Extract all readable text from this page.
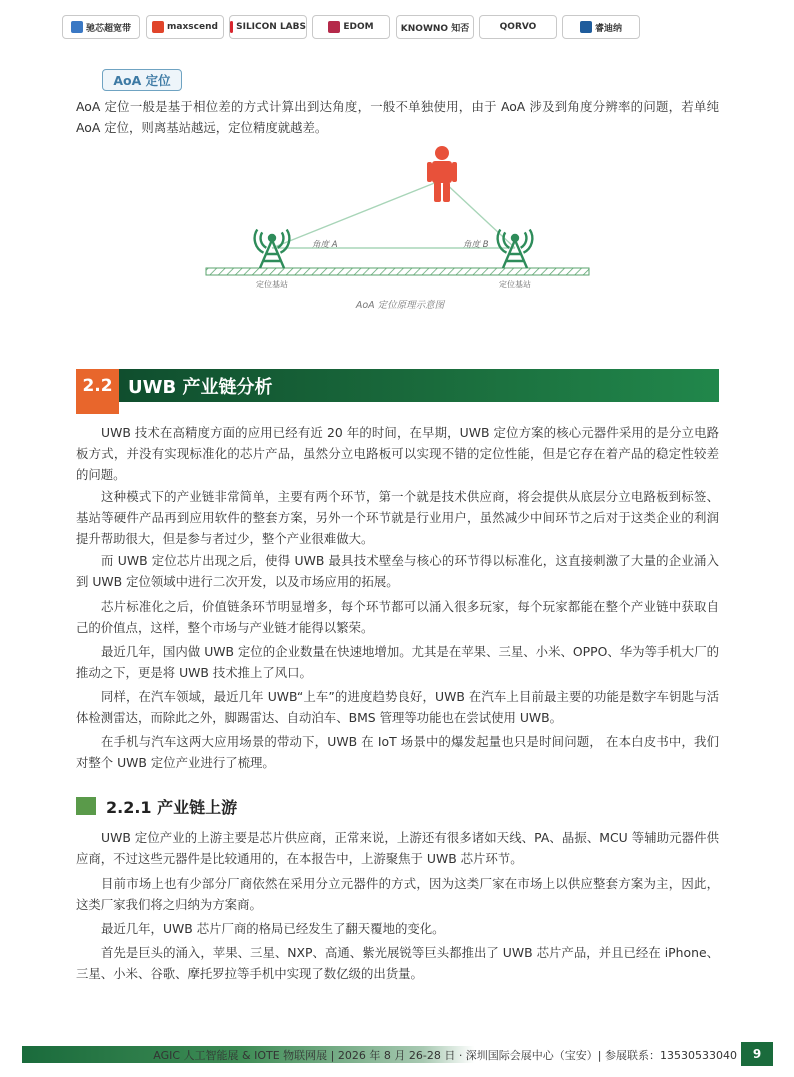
驰芯超宽带	maxscend SILICON LABS	EDOM	KNOWNO 知否	QORVO	睿迪纳
AoA 定位

AoA 定位一般是基于相位差的方式计算出到达角度，一般不单独使用，由于 AoA 涉及到角度分辨率的问题，若单纯 AoA 定位，则离基站越远，定位精度就越差。

角度 A	角度 B
定位基站	定位基站
AoA 定位原理示意图
2.2 UWB 产业链分析

UWB 技术在高精度方面的应用已经有近 20 年的时间，在早期，UWB 定位方案的核心元器件采用的是分立电路板方式，并没有实现标准化的芯片产品，虽然分立电路板可以实现不错的定位性能，但是它存在着产品的稳定性较差的问题。

这种模式下的产业链非常简单，主要有两个环节，第一个就是技术供应商，将会提供从底层分立电路板到标签、基站等硬件产品再到应用软件的整套方案，另外一个环节就是行业用户，虽然减少中间环节之后对于这类企业的利润提升帮助很大，但是参与者过少，整个产业很难做大。

而 UWB 定位芯片出现之后，使得 UWB 最具技术壁垒与核心的环节得以标准化，这直接刺激了大量的企业涌入到 UWB 定位领域中进行二次开发，以及市场应用的拓展。

芯片标准化之后，价值链条环节明显增多，每个环节都可以涌入很多玩家，每个玩家都能在整个产业链中获取自己的价值点，这样，整个市场与产业链才能得以繁荣。

最近几年，国内做 UWB 定位的企业数量在快速地增加。尤其是在苹果、三星、小米、OPPO、华为等手机大厂的推动之下，更是将 UWB 技术推上了风口。

同样，在汽车领域，最近几年 UWB“上车”的进度趋势良好，UWB 在汽车上目前最主要的功能是数字车钥匙与活体检测雷达，而除此之外，脚踢雷达、自动泊车、BMS 管理等功能也在尝试使用 UWB。

在手机与汽车这两大应用场景的带动下，UWB 在 IoT 场景中的爆发起量也只是时间问题， 在本白皮书中，我们对整个 UWB 定位产业进行了梳理。

2.2.1 产业链上游

UWB 定位产业的上游主要是芯片供应商，正常来说，上游还有很多诸如天线、PA、晶振、MCU 等辅助元器件供应商，不过这些元器件是比较通用的，在本报告中，上游聚焦于 UWB 芯片环节。

目前市场上也有少部分厂商依然在采用分立元器件的方式，因为这类厂家在市场上以供应整套方案为主，因此，这类厂家我们将之归纳为方案商。

最近几年，UWB 芯片厂商的格局已经发生了翻天覆地的变化。

首先是巨头的涌入，苹果、三星、NXP、高通、紫光展锐等巨头都推出了 UWB 芯片产品，并且已经在 iPhone、三星、小米、谷歌、摩托罗拉等手机中实现了数亿级的出货量。

AGIC 人工智能展 & IOTE 物联网展 | 2026 年 8 月 26-28 日 · 深圳国际会展中心（宝安）| 参展联系：13530533040	9
